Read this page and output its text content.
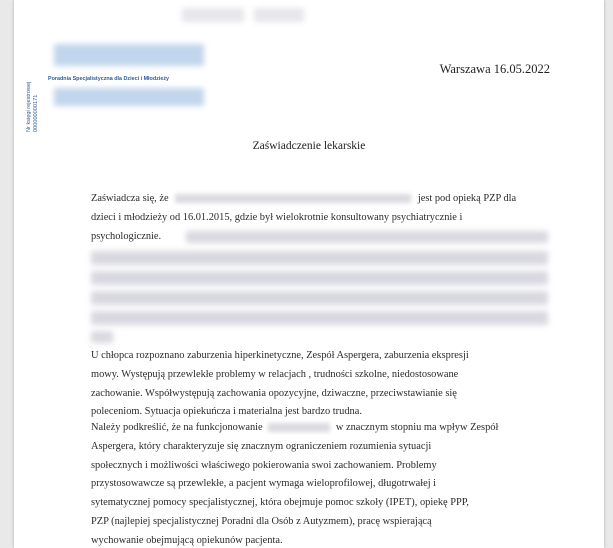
Nr księgi rejestrowej 000000000171
Poradnia Specjalistyczna dla Dzieci i Młodzieży
Warszawa 16.05.2022
Zaświadczenie lekarskie
Zaświadcza się, że	jest pod opieką PZP dla
dzieci i młodzieży od 16.01.2015, gdzie był wielokrotnie konsultowany psychiatrycznie i
psychologicznie.
U chłopca rozpoznano zaburzenia hiperkinetyczne, Zespół Aspergera, zaburzenia ekspresji
mowy. Występują przewlekłe problemy w relacjach , trudności szkolne, niedostosowane
zachowanie. Współwystępują zachowania opozycyjne, dziwaczne, przeciwstawianie się
poleceniom. Sytuacja opiekuńcza i materialna jest bardzo trudna.
Należy podkreślić, że na funkcjonowanie	w znacznym stopniu ma wpływ Zespół
Aspergera, który charakteryzuje się znacznym ograniczeniem rozumienia sytuacji
społecznych i możliwości właściwego pokierowania swoi zachowaniem. Problemy
przystosowawcze są przewlekłe, a pacjent wymaga wieloprofilowej, długotrwałej i
sytematycznej pomocy specjalistycznej, która obejmuje pomoc szkoły (IPET), opiekę PPP,
PZP (najlepiej specjalistycznej Poradni dla Osób z Autyzmem), pracę wspierającą
wychowanie obejmującą opiekunów pacjenta.
